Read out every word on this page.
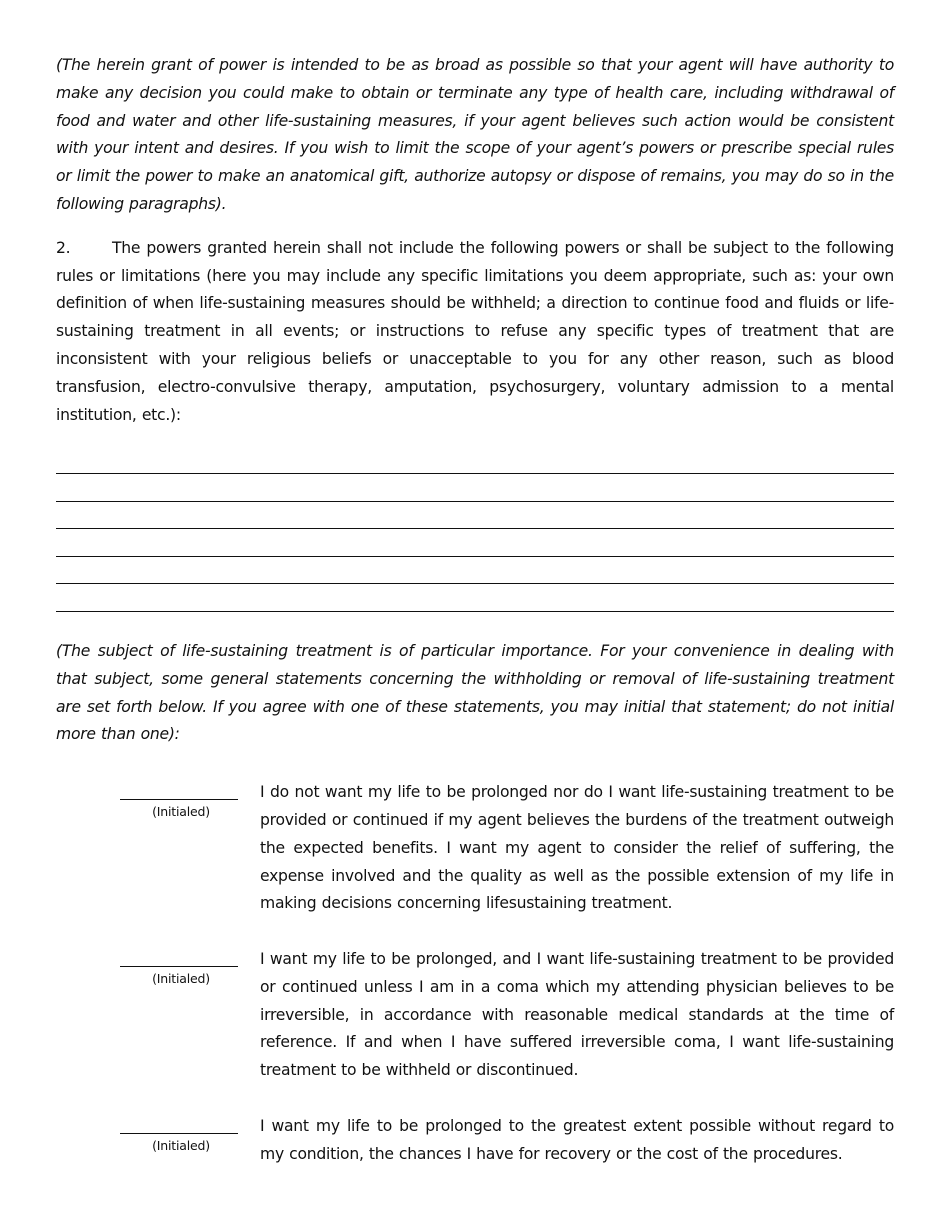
(The herein grant of power is intended to be as broad as possible so that your agent will have authority to make any decision you could make to obtain or terminate any type of health care, including withdrawal of food and water and other life-sustaining measures, if your agent believes such action would be consistent with your intent and desires. If you wish to limit the scope of your agent’s powers or prescribe special rules or limit the power to make an anatomical gift, authorize autopsy or dispose of remains, you may do so in the following paragraphs).

2.	The powers granted herein shall not include the following powers or shall be subject to the following rules or limitations (here you may include any specific limitations you deem appropriate, such as: your own definition of when life-sustaining measures should be withheld; a direction to continue food and fluids or life-sustaining treatment in all events; or instructions to refuse any specific types of treatment that are inconsistent with your religious beliefs or unacceptable to you for any other reason, such as blood transfusion, electro-convulsive therapy, amputation, psychosurgery, voluntary admission to a mental institution, etc.):

(The subject of life-sustaining treatment is of particular importance. For your convenience in dealing with that subject, some general statements concerning the withholding or removal of life-sustaining treatment are set forth below. If you agree with one of these statements, you may initial that statement; do not initial more than one):

(Initialed)

I do not want my life to be prolonged nor do I want life-sustaining treatment to be provided or continued if my agent believes the burdens of the treatment outweigh the expected benefits. I want my agent to consider the relief of suffering, the expense involved and the quality as well as the possible extension of my life in making decisions concerning lifesustaining treatment.

(Initialed)

I want my life to be prolonged, and I want life-sustaining treatment to be provided or continued unless I am in a coma which my attending physician believes to be irreversible, in accordance with reasonable medical standards at the time of reference. If and when I have suffered irreversible coma, I want life-sustaining treatment to be withheld or discontinued.

(Initialed)

I want my life to be prolonged to the greatest extent possible without regard to my condition, the chances I have for recovery or the cost of the procedures.
